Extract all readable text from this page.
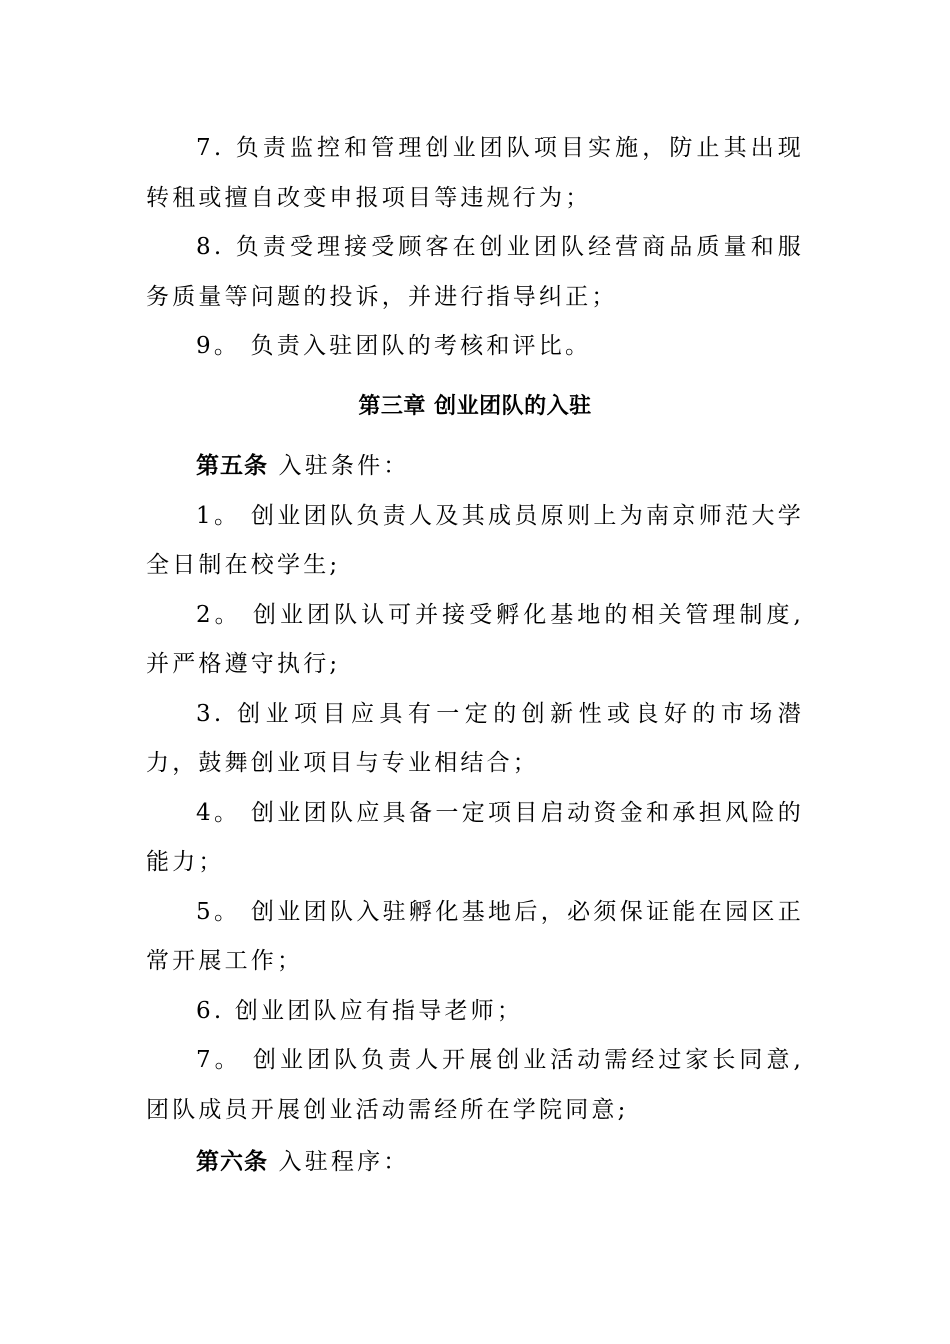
7. 负责监控和管理创业团队项目实施，防止其出现转租或擅自改变申报项目等违规行为；

8. 负责受理接受顾客在创业团队经营商品质量和服务质量等问题的投诉，并进行指导纠正；

9。 负责入驻团队的考核和评比。

第三章 创业团队的入驻

第五条 入驻条件：

1。 创业团队负责人及其成员原则上为南京师范大学全日制在校学生;

2。 创业团队认可并接受孵化基地的相关管理制度,并严格遵守执行;

3. 创业项目应具有一定的创新性或良好的市场潜力，鼓舞创业项目与专业相结合；

4。 创业团队应具备一定项目启动资金和承担风险的能力；

5。 创业团队入驻孵化基地后，必须保证能在园区正常开展工作；

6. 创业团队应有指导老师；

7。 创业团队负责人开展创业活动需经过家长同意,团队成员开展创业活动需经所在学院同意;

第六条 入驻程序：
